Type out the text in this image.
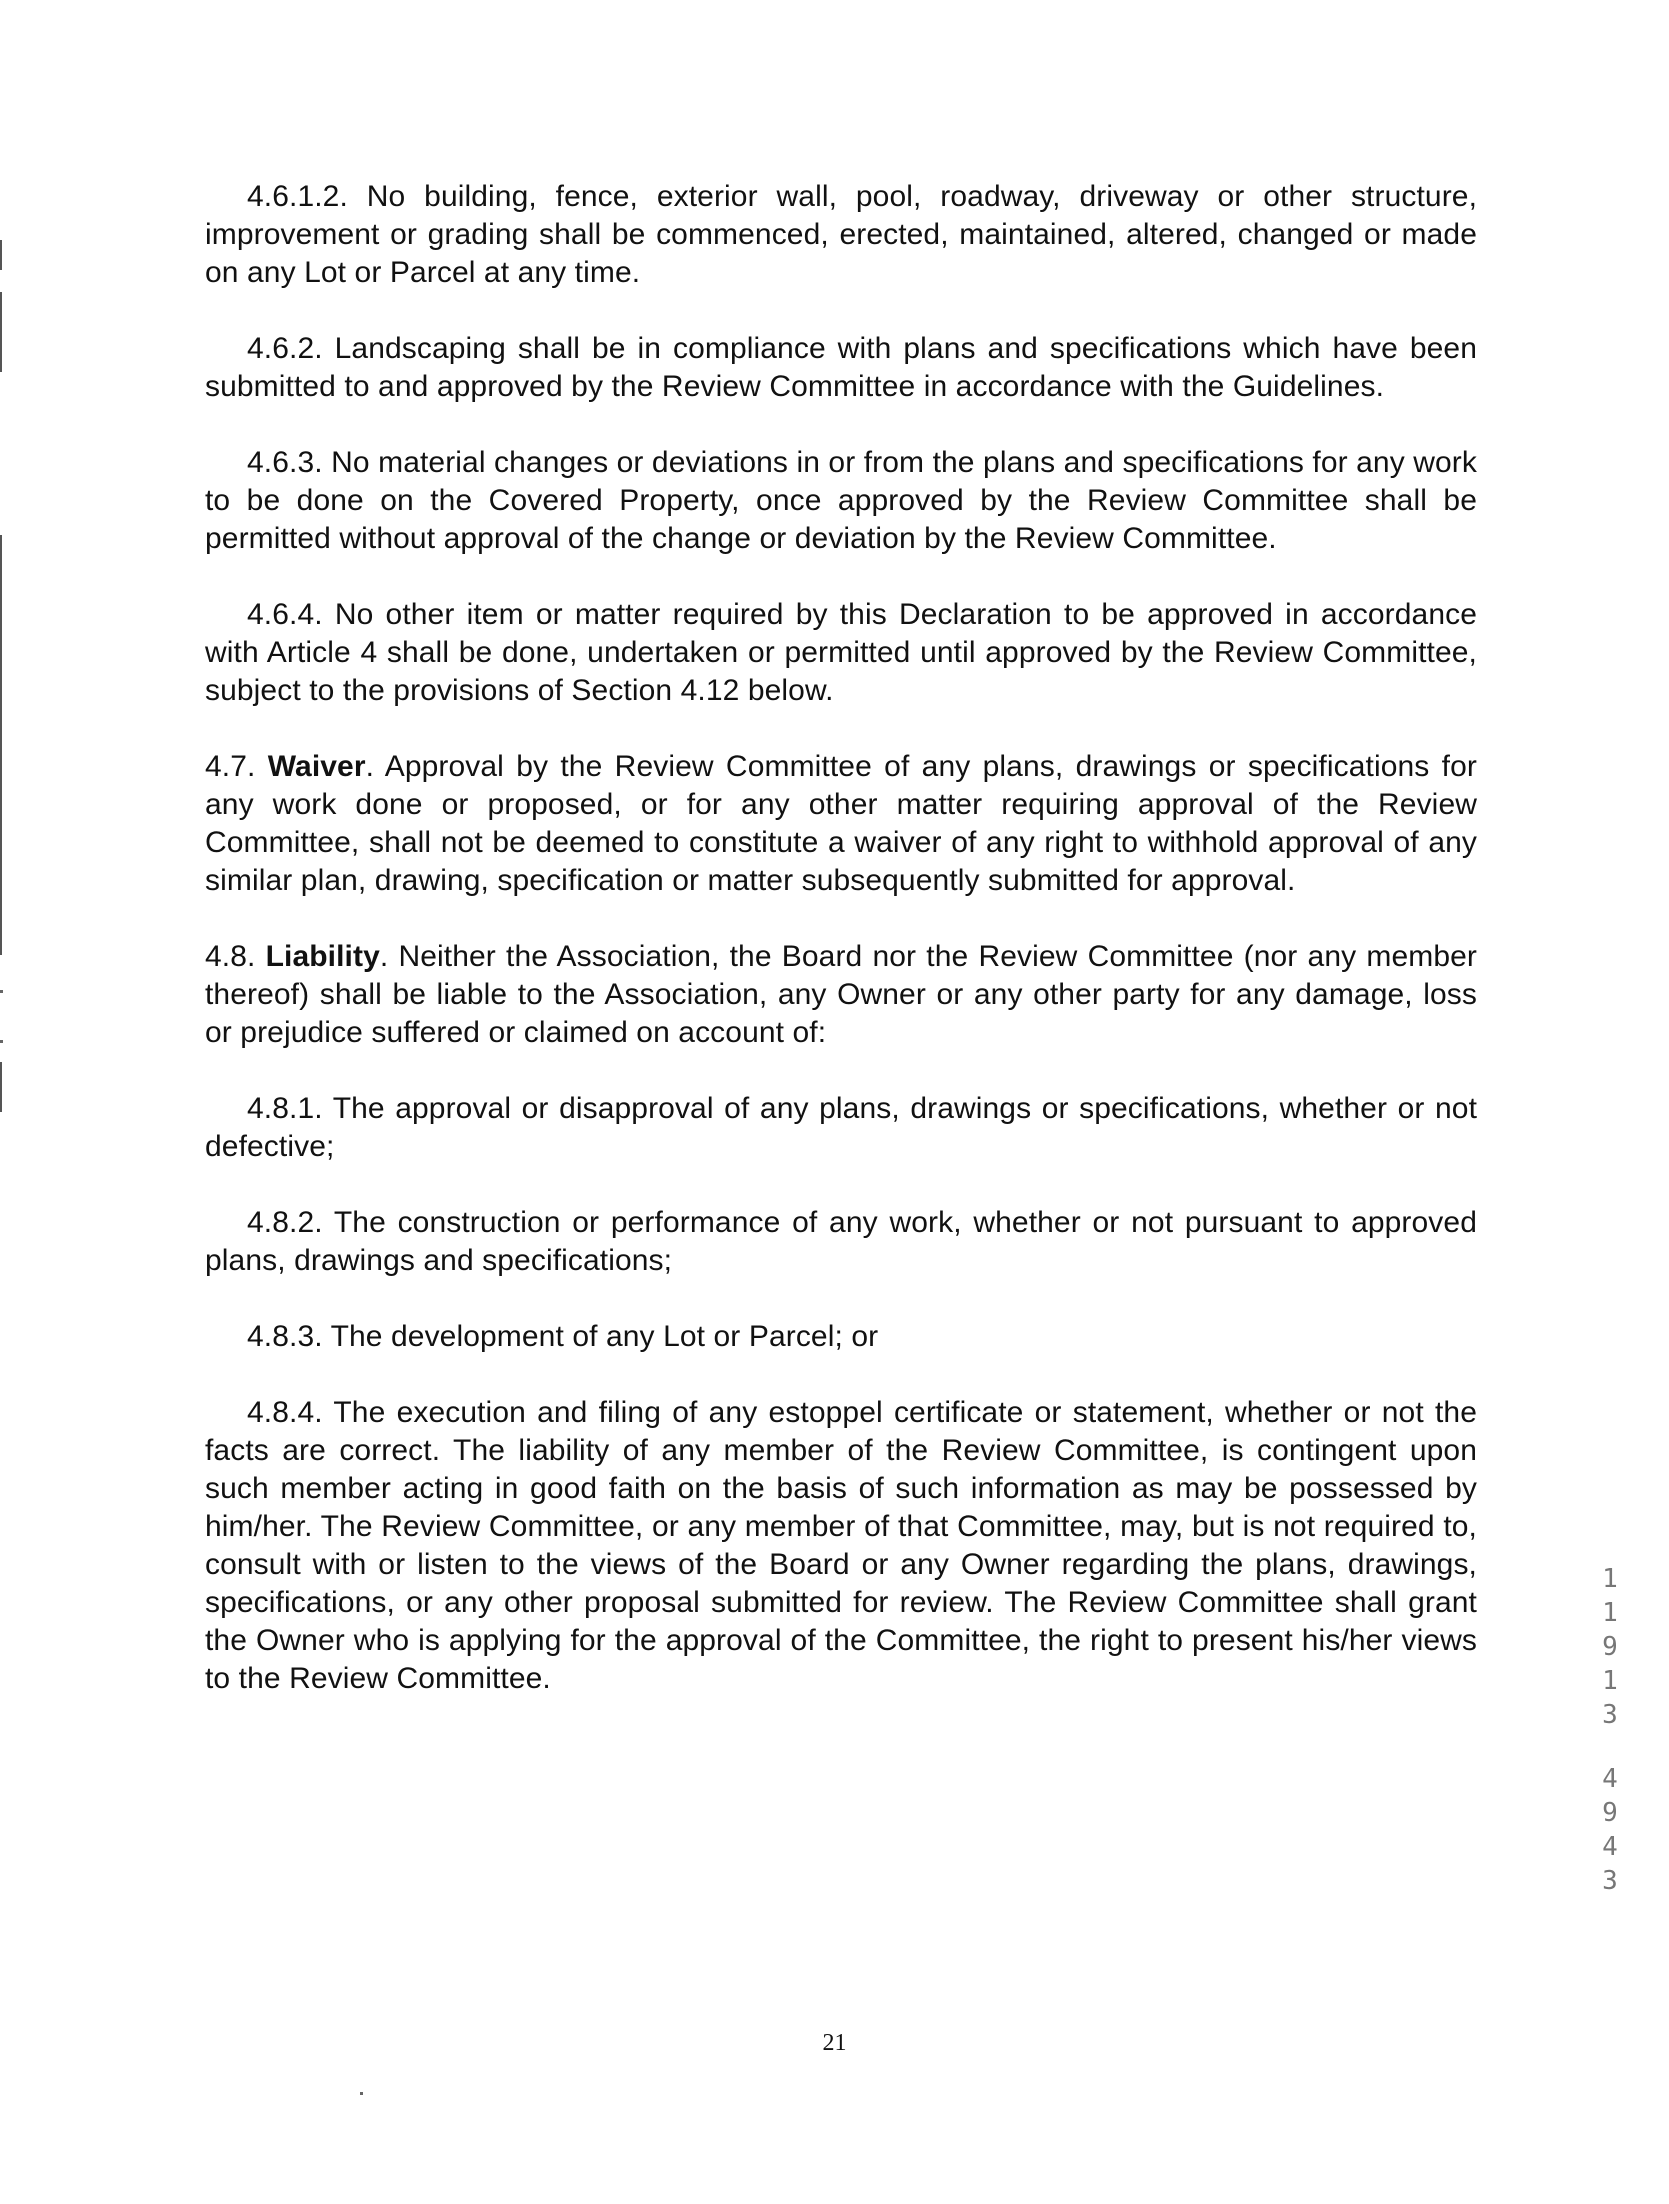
4.6.1.2. No building, fence, exterior wall, pool, roadway, driveway or other structure, improvement or grading shall be commenced, erected, maintained, altered, changed or made on any Lot or Parcel at any time.

4.6.2. Landscaping shall be in compliance with plans and specifications which have been submitted to and approved by the Review Committee in accordance with the Guidelines.

4.6.3. No material changes or deviations in or from the plans and specifications for any work to be done on the Covered Property, once approved by the Review Committee shall be permitted without approval of the change or deviation by the Review Committee.

4.6.4. No other item or matter required by this Declaration to be approved in accordance with Article 4 shall be done, undertaken or permitted until approved by the Review Committee, subject to the provisions of Section 4.12 below.

4.7. Waiver. Approval by the Review Committee of any plans, drawings or specifications for any work done or proposed, or for any other matter requiring approval of the Review Committee, shall not be deemed to constitute a waiver of any right to withhold approval of any similar plan, drawing, specification or matter subsequently submitted for approval.

4.8. Liability. Neither the Association, the Board nor the Review Committee (nor any member thereof) shall be liable to the Association, any Owner or any other party for any damage, loss or prejudice suffered or claimed on account of:

4.8.1. The approval or disapproval of any plans, drawings or specifications, whether or not defective;

4.8.2. The construction or performance of any work, whether or not pursuant to approved plans, drawings and specifications;

4.8.3. The development of any Lot or Parcel; or

4.8.4. The execution and filing of any estoppel certificate or statement, whether or not the facts are correct. The liability of any member of the Review Committee, is contingent upon such member acting in good faith on the basis of such information as may be possessed by him/her. The Review Committee, or any member of that Committee, may, but is not required to, consult with or listen to the views of the Board or any Owner regarding the plans, drawings, specifications, or any other proposal submitted for review. The Review Committee shall grant the Owner who is applying for the approval of the Committee, the right to present his/her views to the Review Committee.

1
1
9
1
3
4
9
4
3
21
